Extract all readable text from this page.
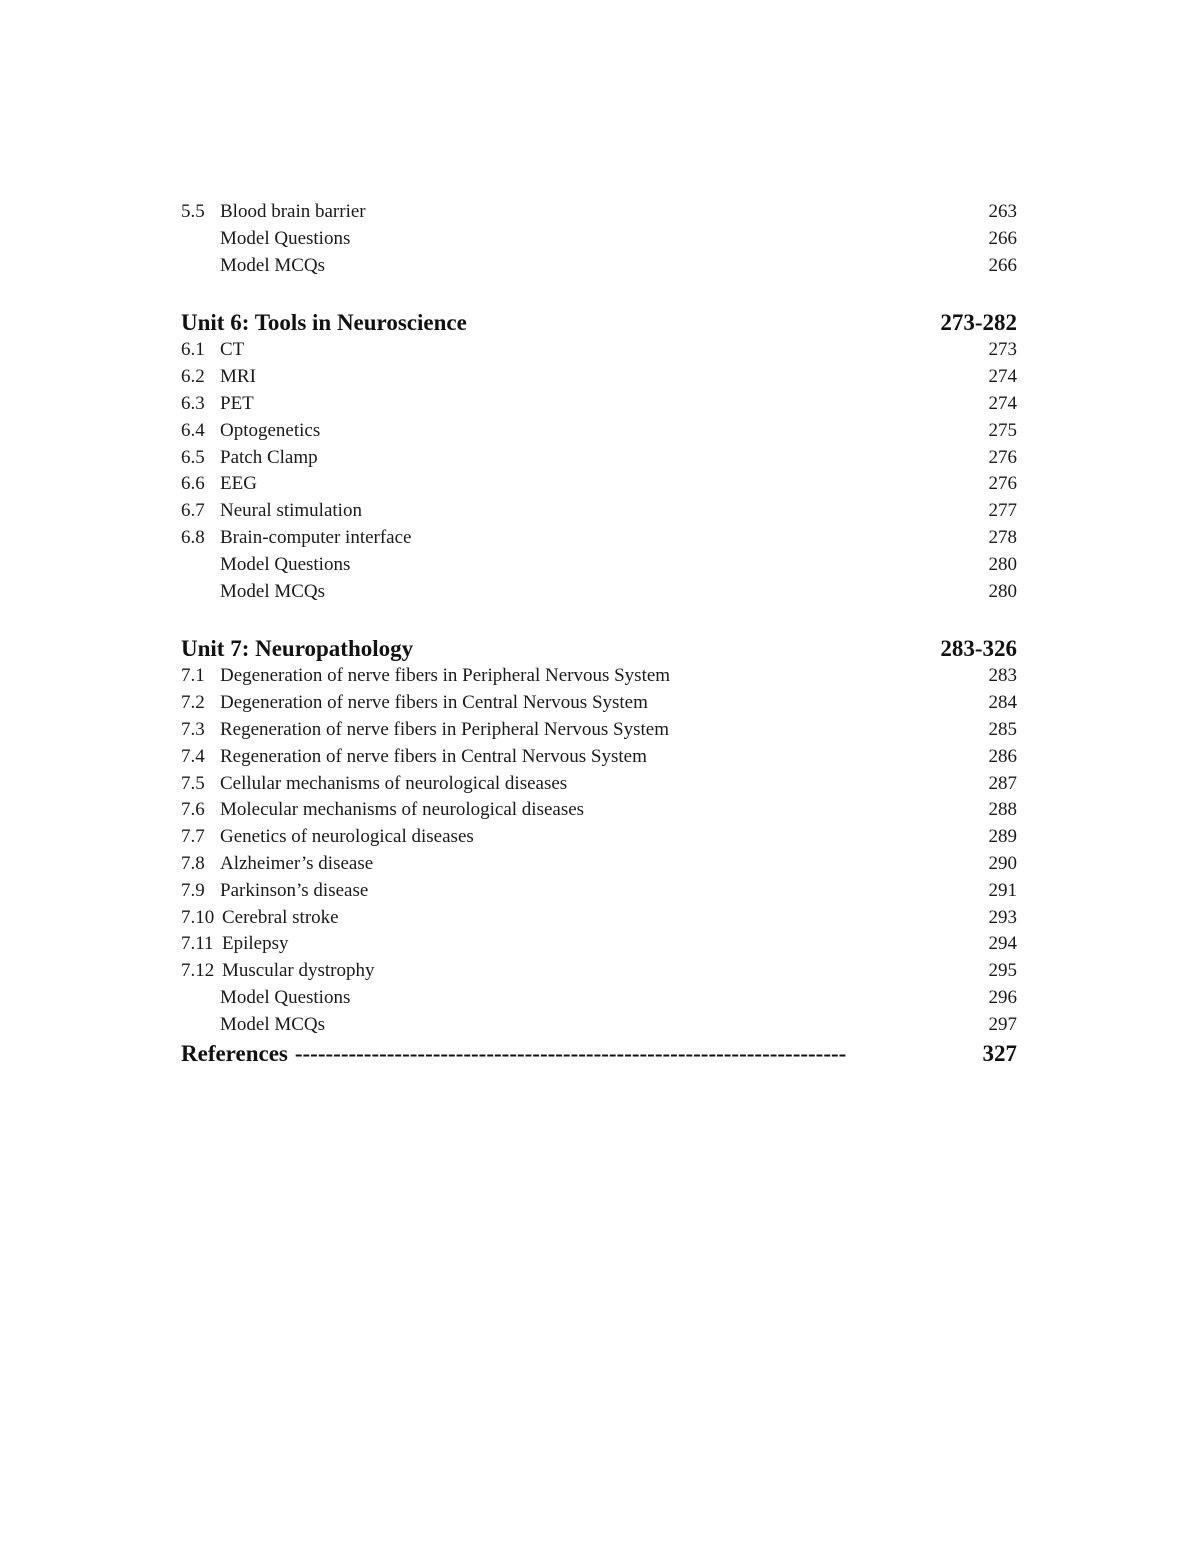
5.5 Blood brain barrier	263
Model Questions	266
Model MCQs	266
Unit 6: Tools in Neuroscience	273-282
6.1 CT	273
6.2 MRI	274
6.3 PET	274
6.4 Optogenetics	275
6.5 Patch Clamp	276
6.6 EEG	276
6.7 Neural stimulation	277
6.8 Brain-computer interface	278
Model Questions	280
Model MCQs	280
Unit 7: Neuropathology	283-326
7.1 Degeneration of nerve fibers in Peripheral Nervous System	283
7.2 Degeneration of nerve fibers in Central Nervous System	284
7.3 Regeneration of nerve fibers in Peripheral Nervous System	285
7.4 Regeneration of nerve fibers in Central Nervous System	286
7.5 Cellular mechanisms of neurological diseases	287
7.6 Molecular mechanisms of neurological diseases	288
7.7 Genetics of neurological diseases	289
7.8 Alzheimer’s disease	290
7.9 Parkinson’s disease	291
7.10 Cerebral stroke	293
7.11 Epilepsy	294
7.12 Muscular dystrophy	295
Model Questions	296
Model MCQs	297
References ------------------------------------------------------------------------	327
